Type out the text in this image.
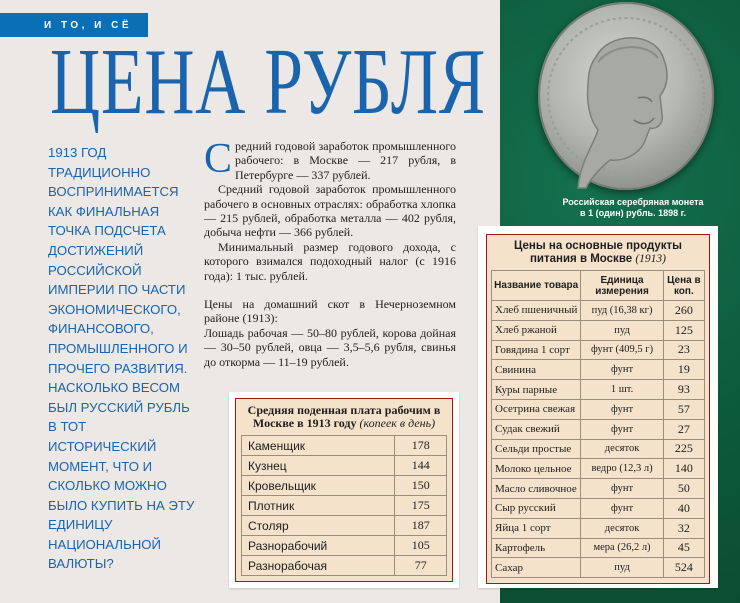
И ТО, И СЁ
ЦЕНА РУБЛЯ
1913 ГОД ТРАДИЦИОННО ВОСПРИНИМАЕТСЯ КАК ФИНАЛЬНАЯ ТОЧКА ПОДСЧЕТА ДОСТИЖЕНИЙ РОССИЙСКОЙ ИМПЕРИИ ПО ЧАСТИ ЭКОНОМИЧЕСКОГО, ФИНАНСОВОГО, ПРОМЫШЛЕННОГО И ПРОЧЕГО РАЗВИТИЯ. НАСКОЛЬКО ВЕСОМ БЫЛ РУССКИЙ РУБЛЬ В ТОТ ИСТОРИЧЕСКИЙ МОМЕНТ, ЧТО И СКОЛЬКО МОЖНО БЫЛО КУПИТЬ НА ЭТУ ЕДИНИЦУ НАЦИОНАЛЬНОЙ ВАЛЮТЫ?

Средний годовой заработок промышленного рабочего: в Москве — 217 рубля, в Петербурге — 337 рублей.

Средний годовой заработок промышленного рабочего в основных отраслях: обработка хлопка — 215 рублей, обработка металла — 402 рубля, добыча нефти — 366 рублей.

Минимальный размер годового дохода, с которого взимался подоходный налог (с 1916 года): 1 тыс. рублей.

Цены на домашний скот в Нечерноземном районе (1913):

Лошадь рабочая — 50–80 рублей, корова дойная — 30–50 рублей, овца — 3,5–5,6 рубля, свинья до откорма — 11–19 рублей.

Российская серебряная монета
в 1 (один) рубль. 1898 г.
Средняя поденная плата рабочим в Москве в 1913 году (копеек в день)
Каменщик	178
Кузнец	144
Кровельщик	150
Плотник	175
Столяр	187
Разнорабочий	105
Разнорабочая	77
Цены на основные продукты питания в Москве (1913)
Название товара	Единица измерения	Цена в коп.
Хлеб пшеничный	пуд (16,38 кг)	260
Хлеб ржаной	пуд	125
Говядина 1 сорт	фунт (409,5 г)	23
Свинина	фунт	19
Куры парные	1 шт.	93
Осетрина свежая	фунт	57
Судак свежий	фунт	27
Сельди простые	десяток	225
Молоко цельное	ведро (12,3 л)	140
Масло сливочное	фунт	50
Сыр русский	фунт	40
Яйца 1 сорт	десяток	32
Картофель	мера (26,2 л)	45
Сахар	пуд	524
